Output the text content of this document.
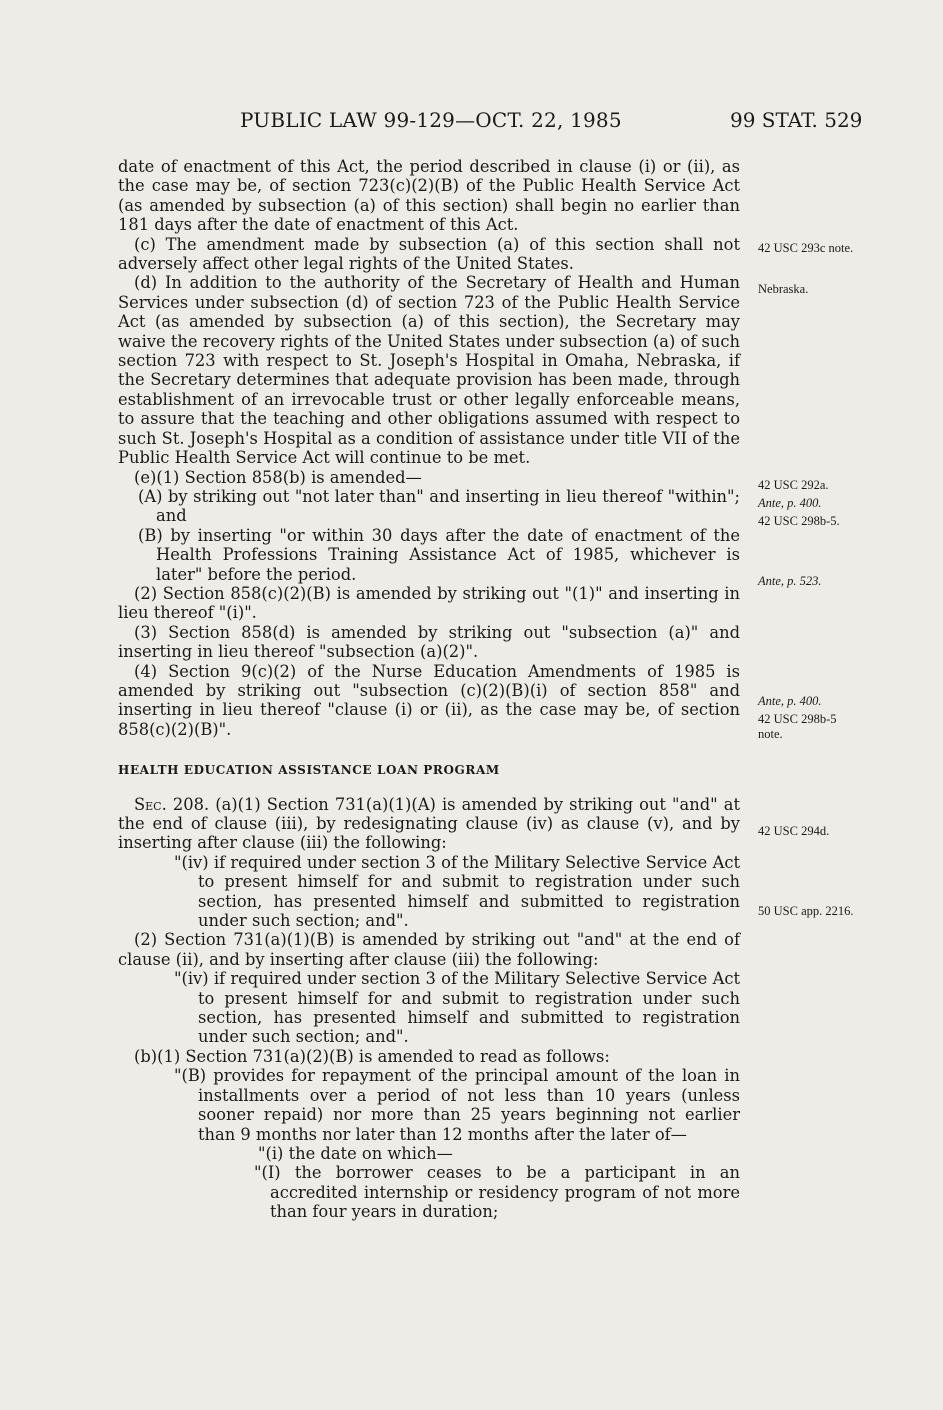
PUBLIC LAW 99-129—OCT. 22, 1985	99 STAT. 529

date of enactment of this Act, the period described in clause (i) or (ii), as the case may be, of section 723(c)(2)(B) of the Public Health Service Act (as amended by subsection (a) of this section) shall begin no earlier than 181 days after the date of enactment of this Act.

(c) The amendment made by subsection (a) of this section shall not adversely affect other legal rights of the United States.

(d) In addition to the authority of the Secretary of Health and Human Services under subsection (d) of section 723 of the Public Health Service Act (as amended by subsection (a) of this section), the Secretary may waive the recovery rights of the United States under subsection (a) of such section 723 with respect to St. Joseph's Hospital in Omaha, Nebraska, if the Secretary determines that adequate provision has been made, through establishment of an irrevocable trust or other legally enforceable means, to assure that the teaching and other obligations assumed with respect to such St. Joseph's Hospital as a condition of assistance under title VII of the Public Health Service Act will continue to be met.

(e)(1) Section 858(b) is amended—

(A) by striking out "not later than" and inserting in lieu thereof "within"; and

(B) by inserting "or within 30 days after the date of enactment of the Health Professions Training Assistance Act of 1985, whichever is later" before the period.

(2) Section 858(c)(2)(B) is amended by striking out "(1)" and inserting in lieu thereof "(i)".

(3) Section 858(d) is amended by striking out "subsection (a)" and inserting in lieu thereof "subsection (a)(2)".

(4) Section 9(c)(2) of the Nurse Education Amendments of 1985 is amended by striking out "subsection (c)(2)(B)(i) of section 858" and inserting in lieu thereof "clause (i) or (ii), as the case may be, of section 858(c)(2)(B)".

HEALTH EDUCATION ASSISTANCE LOAN PROGRAM

Sec. 208. (a)(1) Section 731(a)(1)(A) is amended by striking out "and" at the end of clause (iii), by redesignating clause (iv) as clause (v), and by inserting after clause (iii) the following:

"(iv) if required under section 3 of the Military Selective Service Act to present himself for and submit to registration under such section, has presented himself and submitted to registration under such section; and".

(2) Section 731(a)(1)(B) is amended by striking out "and" at the end of clause (ii), and by inserting after clause (iii) the following:

"(iv) if required under section 3 of the Military Selective Service Act to present himself for and submit to registration under such section, has presented himself and submitted to registration under such section; and".

(b)(1) Section 731(a)(2)(B) is amended to read as follows:

"(B) provides for repayment of the principal amount of the loan in installments over a period of not less than 10 years (unless sooner repaid) nor more than 25 years beginning not earlier than 9 months nor later than 12 months after the later of—

"(i) the date on which—

"(I) the borrower ceases to be a participant in an accredited internship or residency program of not more than four years in duration;

42 USC 293c note.
Nebraska.
42 USC 292a.
Ante, p. 400.
42 USC 298b-5.
Ante, p. 523.
Ante, p. 400.
42 USC 298b-5 note.
42 USC 294d.
50 USC app. 2216.
